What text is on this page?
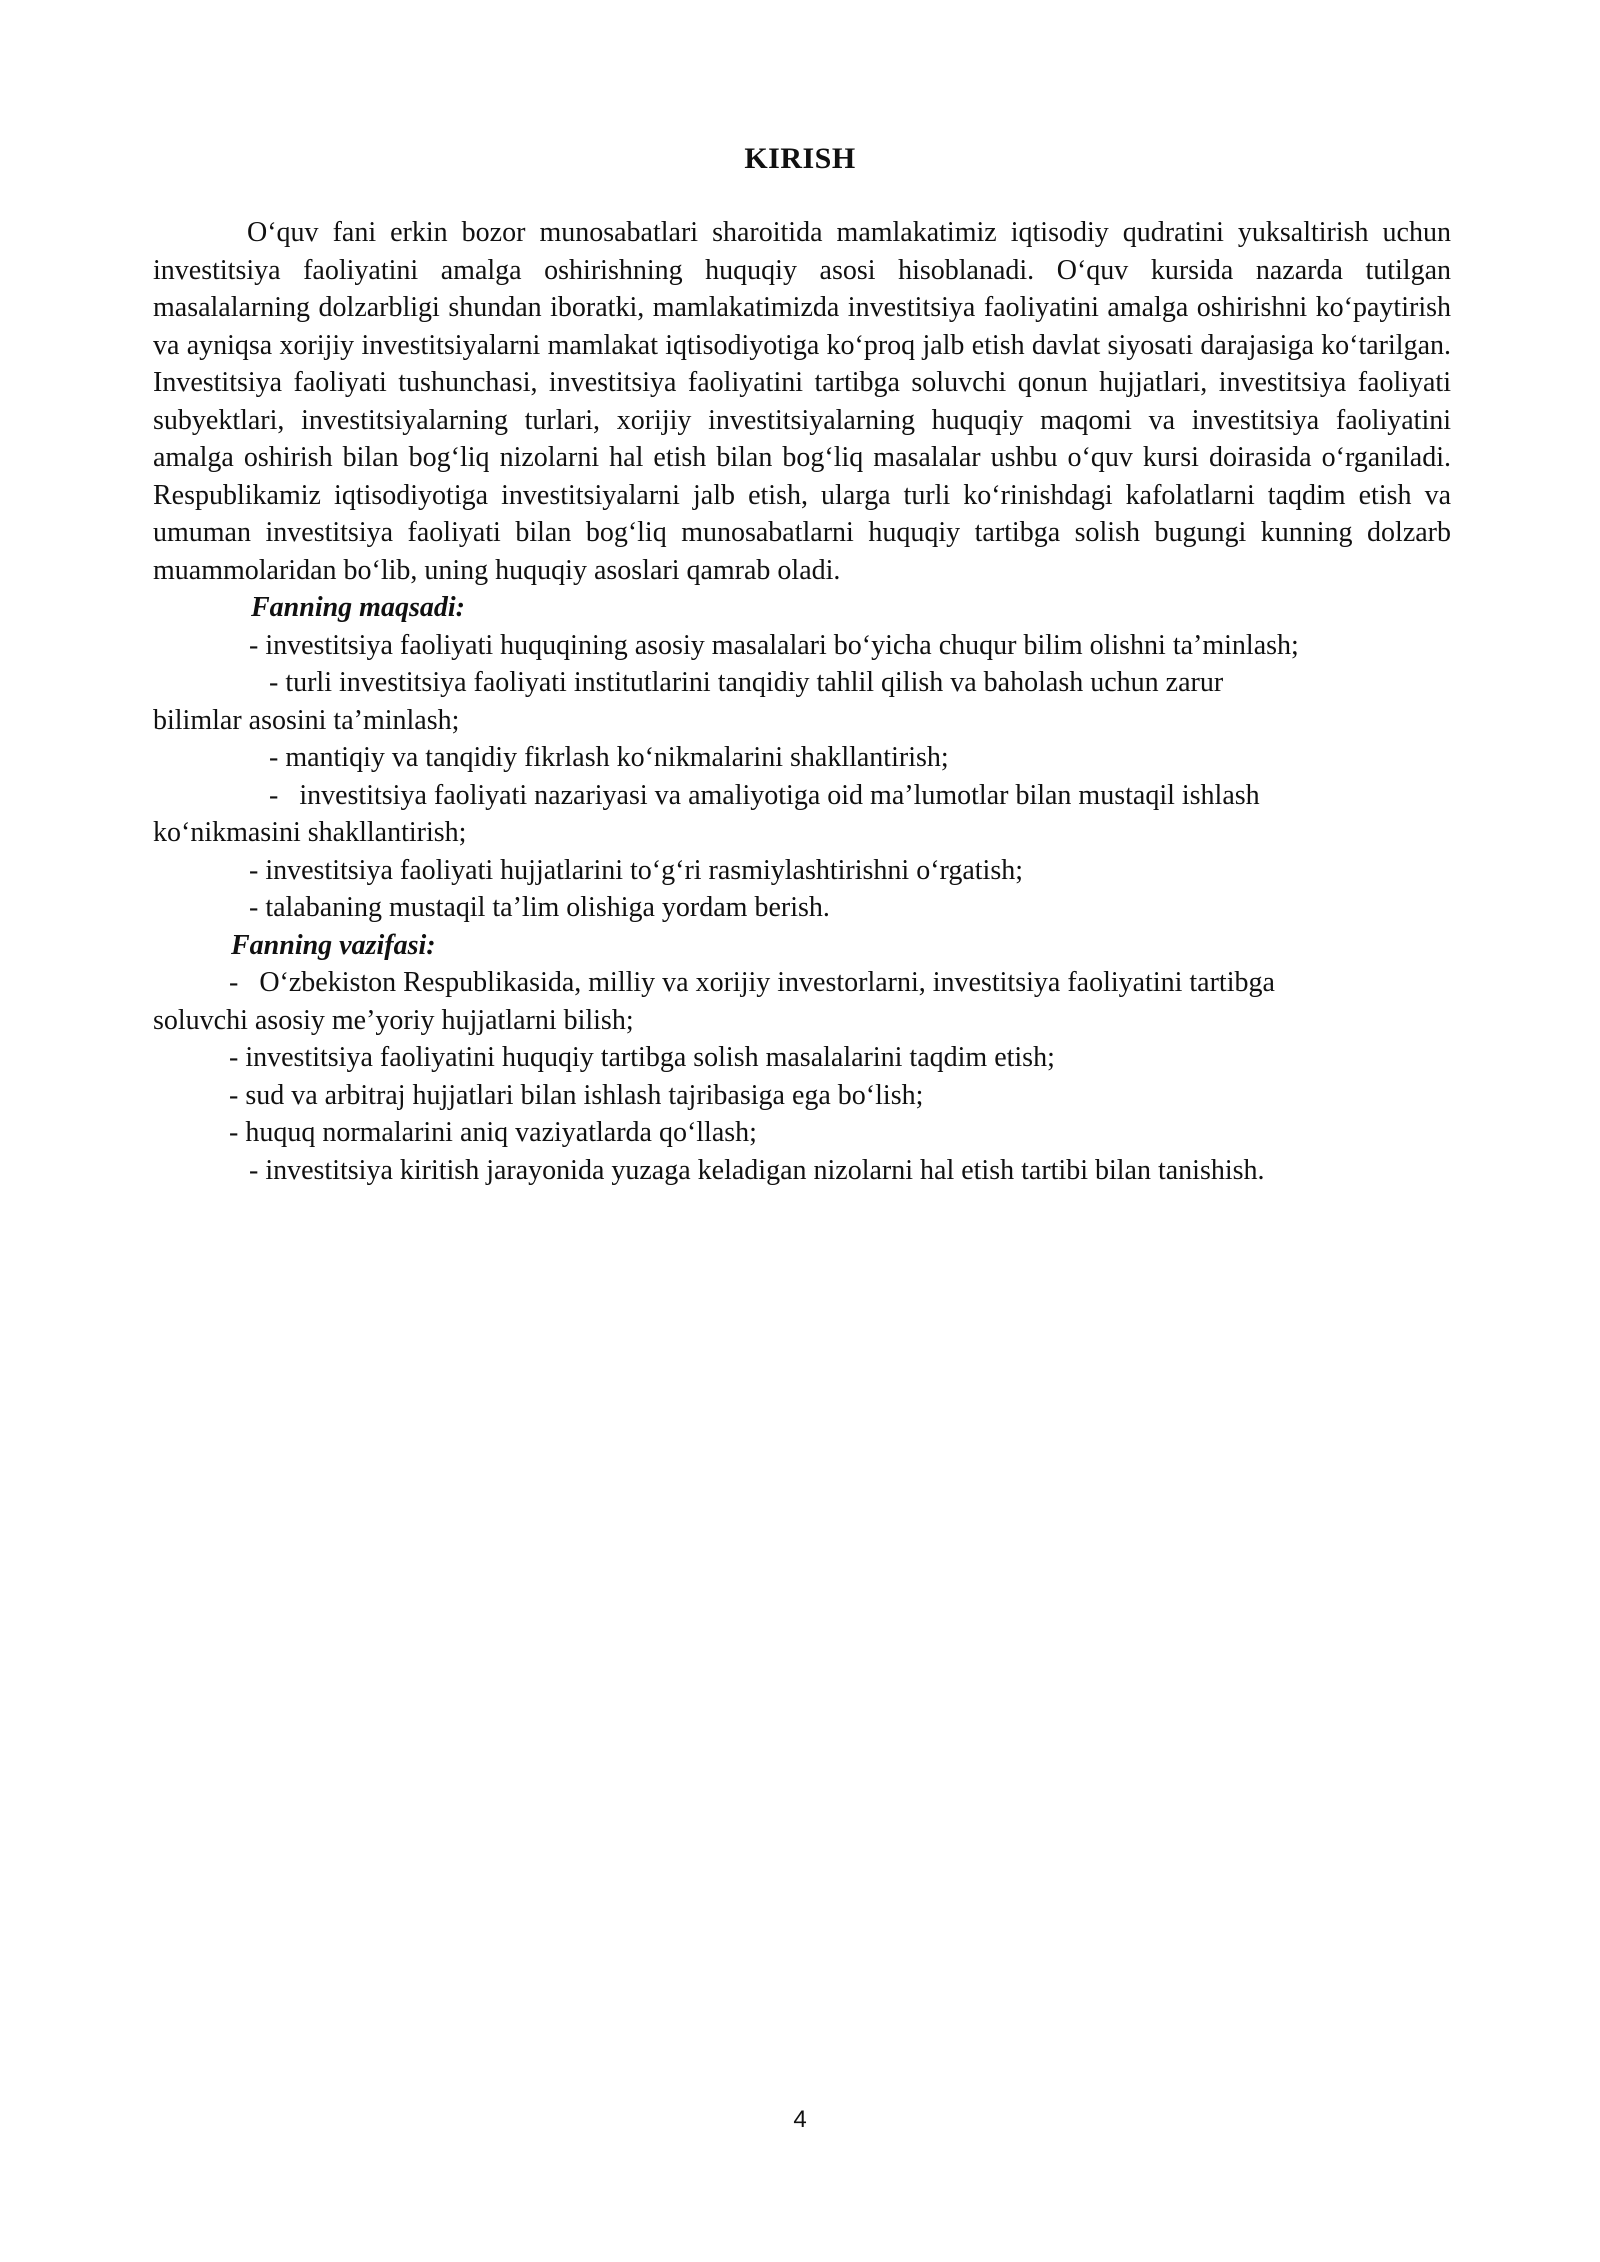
KIRISH

O‘quv fani erkin bozor munosabatlari sharoitida mamlakatimiz iqtisodiy qudratini yuksaltirish uchun investitsiya faoliyatini amalga oshirishning huquqiy asosi hisoblanadi. O‘quv kursida nazarda tutilgan masalalarning dolzarbligi shundan iboratki, mamlakatimizda investitsiya faoliyatini amalga oshirishni ko‘paytirish va ayniqsa xorijiy investitsiyalarni mamlakat iqtisodiyotiga ko‘proq jalb etish davlat siyosati darajasiga ko‘tarilgan. Investitsiya faoliyati tushunchasi, investitsiya faoliyatini tartibga soluvchi qonun hujjatlari, investitsiya faoliyati subyektlari, investitsiyalarning turlari, xorijiy investitsiyalarning huquqiy maqomi va investitsiya faoliyatini amalga oshirish bilan bog‘liq nizolarni hal etish bilan bog‘liq masalalar ushbu o‘quv kursi doirasida o‘rganiladi. Respublikamiz iqtisodiyotiga investitsiyalarni jalb etish, ularga turli ko‘rinishdagi kafolatlarni taqdim etish va umuman investitsiya faoliyati bilan bog‘liq munosabatlarni huquqiy tartibga solish bugungi kunning dolzarb muammolaridan bo‘lib, uning huquqiy asoslari qamrab oladi.

Fanning maqsadi:

- investitsiya faoliyati huquqining asosiy masalalari bo‘yicha chuqur bilim olishni ta’minlash;

- turli investitsiya faoliyati institutlarini tanqidiy tahlil qilish va baholash uchun zarur

bilimlar asosini ta’minlash;

- mantiqiy va tanqidiy fikrlash ko‘nikmalarini shakllantirish;

-   investitsiya faoliyati nazariyasi va amaliyotiga oid ma’lumotlar bilan mustaqil ishlash

ko‘nikmasini shakllantirish;

- investitsiya faoliyati hujjatlarini to‘g‘ri rasmiylashtirishni o‘rgatish;

- talabaning mustaqil ta’lim olishiga yordam berish.

Fanning vazifasi:

-   O‘zbekiston Respublikasida, milliy va xorijiy investorlarni, investitsiya faoliyatini tartibga

soluvchi asosiy me’yoriy hujjatlarni bilish;

- investitsiya faoliyatini huquqiy tartibga solish masalalarini taqdim etish;

- sud va arbitraj hujjatlari bilan ishlash tajribasiga ega bo‘lish;

- huquq normalarini aniq vaziyatlarda qo‘llash;

- investitsiya kiritish jarayonida yuzaga keladigan nizolarni hal etish tartibi bilan tanishish.

4
